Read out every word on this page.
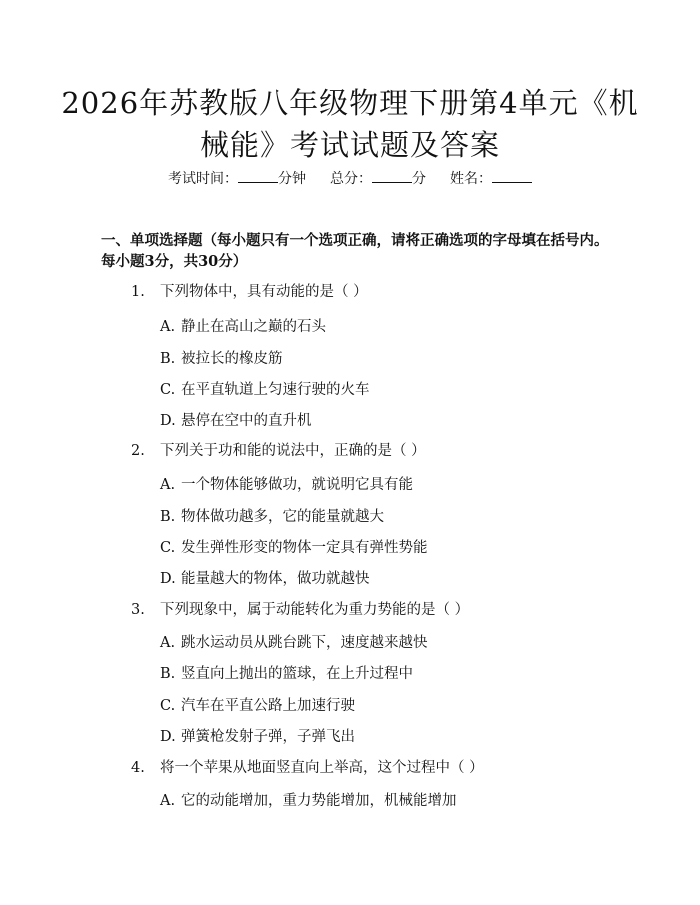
2026年苏教版八年级物理下册第4单元《机
械能》考试试题及答案
考试时间：	分钟 总分：	分 姓名：
一、单项选择题（每小题只有一个选项正确，请将正确选项的字母填在括号内。
每小题3分，共30分）
1. 下列物体中，具有动能的是（ ）
A. 静止在高山之巅的石头
B. 被拉长的橡皮筋
C. 在平直轨道上匀速行驶的火车
D. 悬停在空中的直升机
2. 下列关于功和能的说法中，正确的是（ ）
A. 一个物体能够做功，就说明它具有能
B. 物体做功越多，它的能量就越大
C. 发生弹性形变的物体一定具有弹性势能
D. 能量越大的物体，做功就越快
3. 下列现象中，属于动能转化为重力势能的是（ ）
A. 跳水运动员从跳台跳下，速度越来越快
B. 竖直向上抛出的篮球，在上升过程中
C. 汽车在平直公路上加速行驶
D. 弹簧枪发射子弹，子弹飞出
4. 将一个苹果从地面竖直向上举高，这个过程中（ ）
A. 它的动能增加，重力势能增加，机械能增加
